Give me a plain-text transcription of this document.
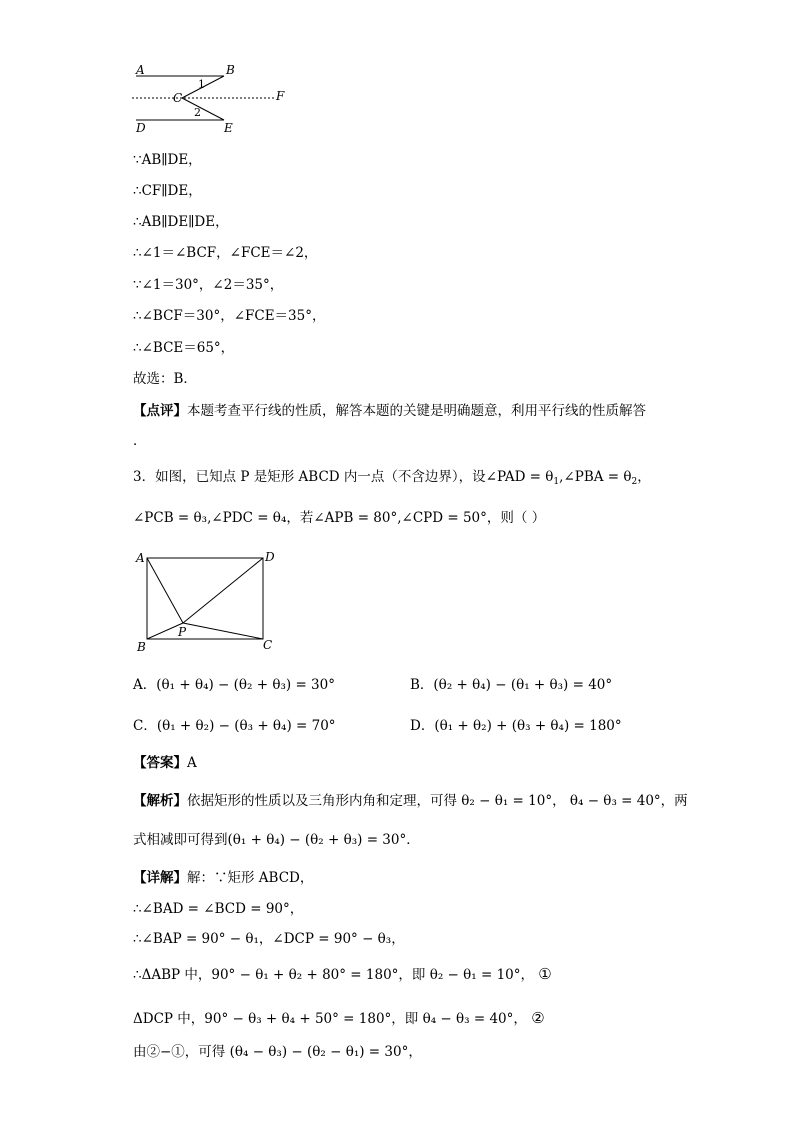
A	B
C
D	E
F
1
2
∵AB∥DE，
∴CF∥DE，
∴AB∥DE∥DE，
∴∠1＝∠BCF，∠FCE＝∠2，
∵∠1＝30°，∠2＝35°，
∴∠BCF＝30°，∠FCE＝35°，
∴∠BCE＝65°，
故选：B．
【点评】本题考查平行线的性质，解答本题的关键是明确题意，利用平行线的性质解答
．
3．如图，已知点 P 是矩形 ABCD 内一点（不含边界），设∠PAD = $\theta_1,\angle PBA = \theta_2$，
∠PCB = θ₃,∠PDC = θ₄，若∠APB = 80°,∠CPD = 50°，则（ ）
A	D
B	C
P
A．(θ₁ + θ₄) − (θ₂ + θ₃) = 30°	B．(θ₂ + θ₄) − (θ₁ + θ₃) = 40°
C．(θ₁ + θ₂) − (θ₃ + θ₄) = 70°	D．(θ₁ + θ₂) + (θ₃ + θ₄) = 180°
【答案】A
【解析】依据矩形的性质以及三角形内角和定理，可得 θ₂ − θ₁ = 10°， θ₄ − θ₃ = 40°，两
式相减即可得到(θ₁ + θ₄) − (θ₂ + θ₃) = 30°．
【详解】解：∵矩形 ABCD，
∴∠BAD = ∠BCD = 90°，
∴∠BAP = 90° − θ₁，∠DCP = 90° − θ₃，
∴ΔABP 中，90° − θ₁ + θ₂ + 80° = 180°，即 θ₂ − θ₁ = 10°， ①
ΔDCP 中，90° − θ₃ + θ₄ + 50° = 180°，即 θ₄ − θ₃ = 40°， ②
由②−①，可得 (θ₄ − θ₃) − (θ₂ − θ₁) = 30°，
